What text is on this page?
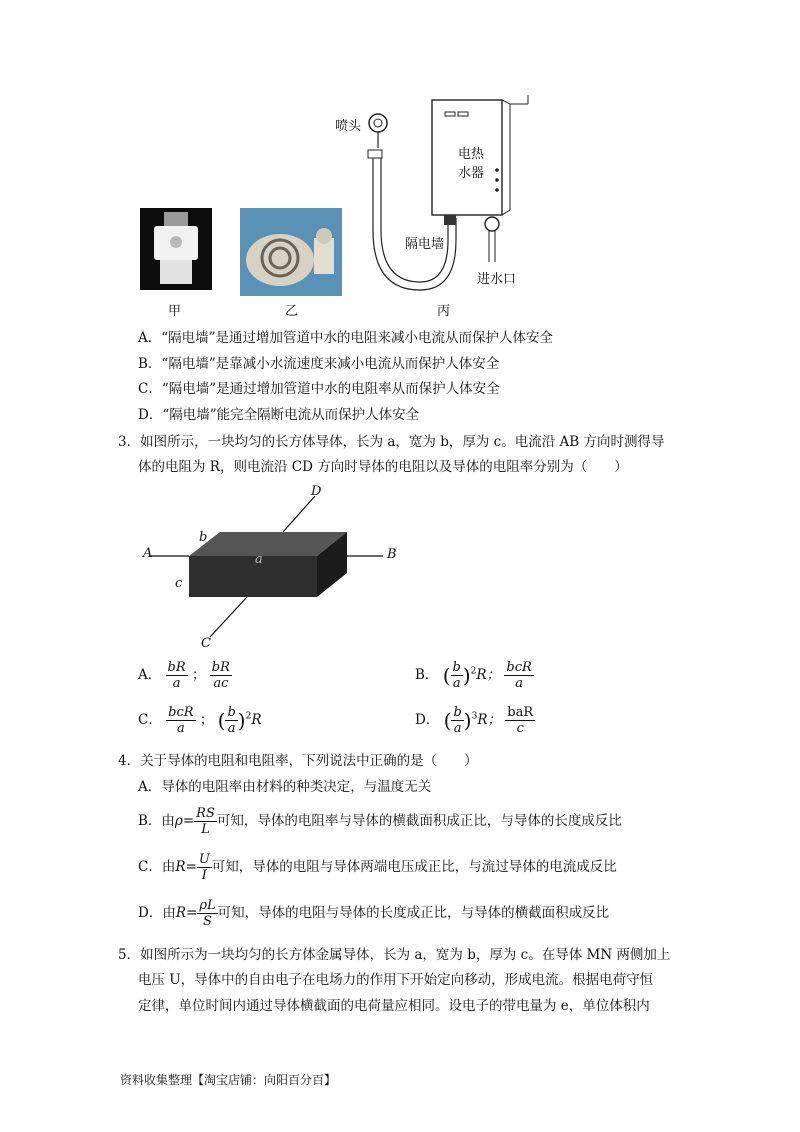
甲	乙
喷头
电热
水器
隔电墙
进水口
丙
A．“隔电墙”是通过增加管道中水的电阻来减小电流从而保护人体安全
B．“隔电墙”是靠减小水流速度来减小电流从而保护人体安全
C．“隔电墙”是通过增加管道中水的电阻率从而保护人体安全
D．“隔电墙”能完全隔断电流从而保护人体安全
3．如图所示，一块均匀的长方体导体，长为 a，宽为 b，厚为 c。电流沿 AB 方向时测得导
体的电阻为 R，则电流沿 CD 方向时导体的电阻以及导体的电阻率分别为（　　）
A	B
C
D
a
b
c
A． $\frac{bR}{a}$ ； $\frac{bR}{ac}$	B． ( $\frac{b}{a} )^2R$； $\frac{\text{bcR}}{a}$
C． $\frac{\text{bcR}}{a}$ ； ( $\frac{b}{a} )^2R$	D． ( $\frac{b}{a} )^3R$； $\frac{\text{baR}}{c}$
4．关于导体的电阻和电阻率，下列说法中正确的是（　　）
A．导体的电阻率由材料的种类决定，与温度无关
B．由$\rho= \frac{RS}{L}$ 可知，导体的电阻率与导体的横截面积成正比，与导体的长度成反比
C．由$R= \frac{U}{I}$ 可知，导体的电阻与导体两端电压成正比，与流过导体的电流成反比
D．由$R= \frac{\rho L}{S}$ 可知，导体的电阻与导体的长度成正比，与导体的横截面积成反比
5．如图所示为一块均匀的长方体金属导体，长为 a，宽为 b，厚为 c。在导体 MN 两侧加上
电压 U，导体中的自由电子在电场力的作用下开始定向移动，形成电流。根据电荷守恒
定律，单位时间内通过导体横截面的电荷量应相同。设电子的带电量为 e，单位体积内
资料收集整理【淘宝店铺：向阳百分百】
